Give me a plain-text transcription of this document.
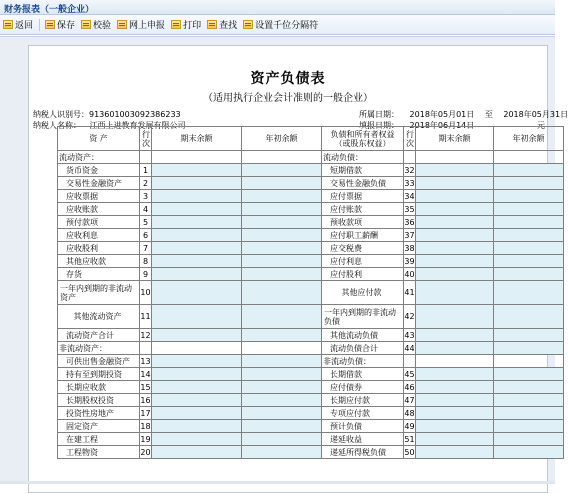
财务报表（一般企业）
返回	保存 校验 网上申报 打印 查找 设置千位分隔符
资产负债表
（适用执行企业会计准则的一般企业）
纳税人识别号：913601003092386233	所属日期： 2018年05月01日 至 2018年05月31日
纳税人名称： 江西上进教育发展有限公司	填报日期： 2018年06月14日	元
资 产	行次	期末余额	年初余额	负债和所有者权益（或股东权益）	行次	期末余额	年初余额
流动资产：				流动负债：			
货币资金	1			短期借款	32		
交易性金融资产	2			交易性金融负债	33		
应收票据	3			应付票据	34		
应收账款	4			应付账款	35		
预付款项	5			预收款项	36		
应收利息	6			应付职工薪酬	37		
应收股利	7			应交税费	38		
其他应收款	8			应付利息	39		
存货	9			应付股利	40		
一年内到期的非流动资产	10			其他应付款	41		
其他流动资产	11			一年内到期的非流动负债	42		
流动资产合计	12			其他流动负债	43		
非流动资产：				流动负债合计	44		
可供出售金融资产	13			非流动负债：			
持有至到期投资	14			长期借款	45		
长期应收款	15			应付债券	46		
长期股权投资	16			长期应付款	47		
投资性房地产	17			专项应付款	48		
固定资产	18			预计负债	49		
在建工程	19			递延收益	51		
工程物资	20			递延所得税负债	50		
